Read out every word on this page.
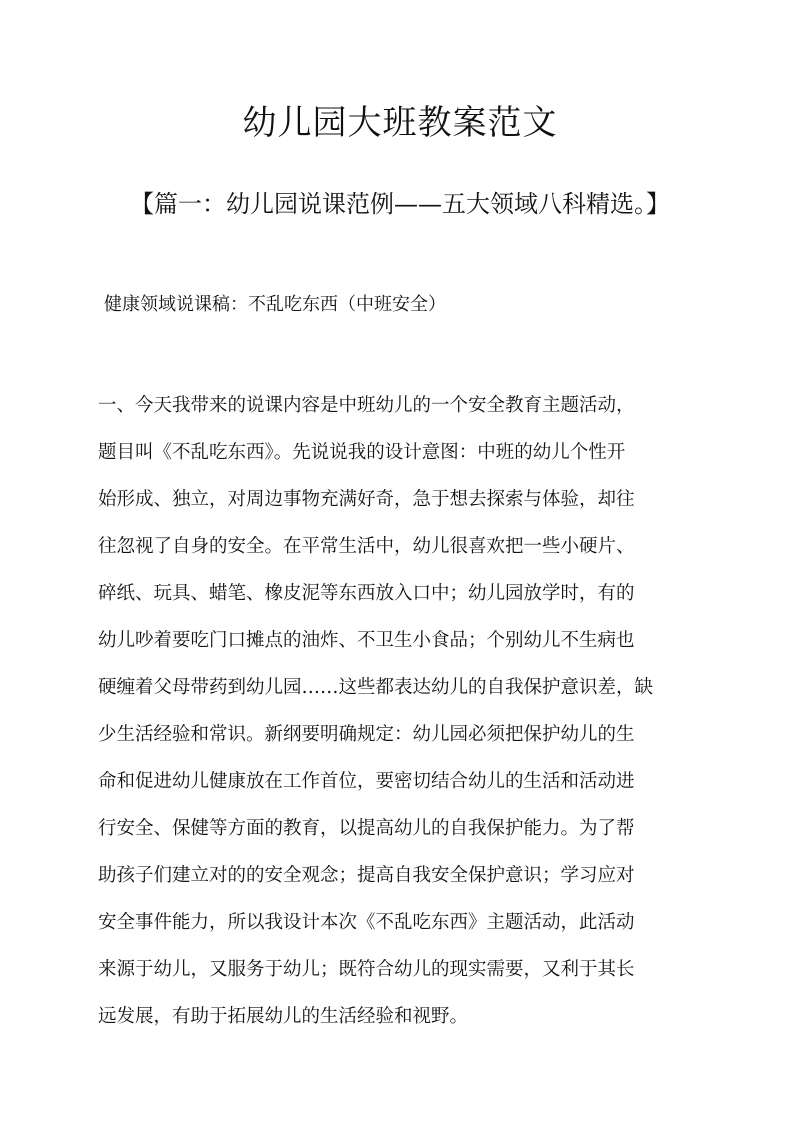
幼儿园大班教案范文
【篇一：幼儿园说课范例——五大领域八科精选。】
健康领域说课稿：不乱吃东西（中班安全）
一、今天我带来的说课内容是中班幼儿的一个安全教育主题活动，
题目叫《不乱吃东西》。先说说我的设计意图：中班的幼儿个性开
始形成、独立，对周边事物充满好奇，急于想去探索与体验，却往
往忽视了自身的安全。在平常生活中，幼儿很喜欢把一些小硬片、
碎纸、玩具、蜡笔、橡皮泥等东西放入口中；幼儿园放学时，有的
幼儿吵着要吃门口摊点的油炸、不卫生小食品；个别幼儿不生病也
硬缠着父母带药到幼儿园……这些都表达幼儿的自我保护意识差，缺
少生活经验和常识。新纲要明确规定：幼儿园必须把保护幼儿的生
命和促进幼儿健康放在工作首位，要密切结合幼儿的生活和活动进
行安全、保健等方面的教育，以提高幼儿的自我保护能力。为了帮
助孩子们建立对的的安全观念；提高自我安全保护意识；学习应对
安全事件能力，所以我设计本次《不乱吃东西》主题活动，此活动
来源于幼儿，又服务于幼儿；既符合幼儿的现实需要，又利于其长
远发展，有助于拓展幼儿的生活经验和视野。
